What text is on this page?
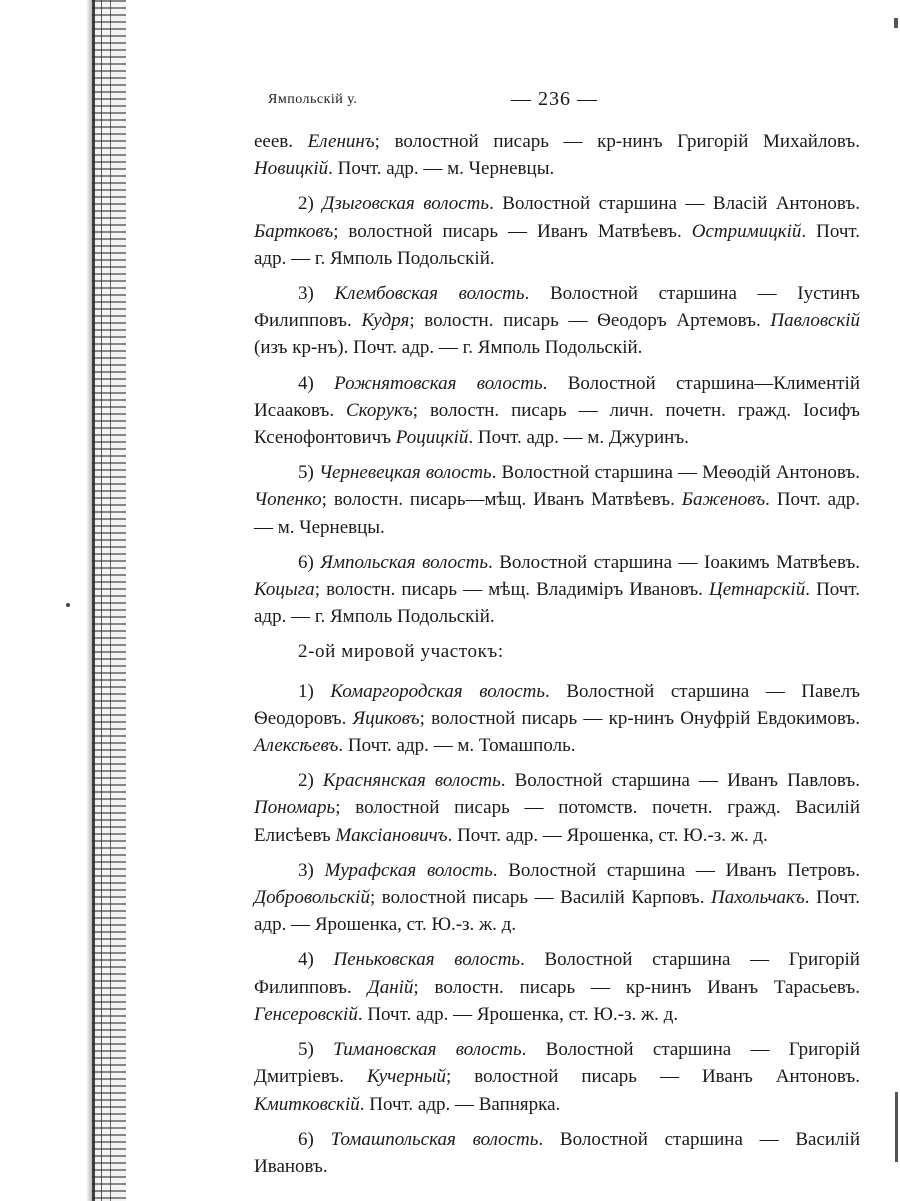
Ямпольскій у.	— 236 —

еeев. Еленинъ; волостной писарь — кр-нинъ Григорій Михайловъ. Новицкій. Почт. адр. — м. Черневцы.

2) Дзыговская волость. Волостной старшина — Власій Антоновъ. Бартковъ; волостной писарь — Иванъ Матвѣевъ. Остримицкій. Почт. адр. — г. Ямполь Подольскій.

3) Клембовская волость. Волостной старшина — Іустинъ Филипповъ. Кудря; волостн. писарь — Ѳеодоръ Артемовъ. Павловскій (изъ кр-нъ). Почт. адр. — г. Ямполь Подольскій.

4) Рожнятовская волость. Волостной старшина—Климентій Исааковъ. Скорукъ; волостн. писарь — личн. почетн. гражд. Іосифъ Ксенофонтовичъ Роцицкій. Почт. адр. — м. Джуринъ.

5) Черневецкая волость. Волостной старшина — Меѳодій Антоновъ. Чопенко; волостн. писарь—мѣщ. Иванъ Матвѣевъ. Баженовъ. Почт. адр. — м. Черневцы.

6) Ямпольская волость. Волостной старшина — Іоакимъ Матвѣевъ. Коцыга; волостн. писарь — мѣщ. Владиміръ Ивановъ. Цетнарскій. Почт. адр. — г. Ямполь Подольскій.

2-ой мировой участокъ:

1) Комаргородская волость. Волостной старшина — Павелъ Ѳеодоровъ. Яциковъ; волостной писарь — кр-нинъ Онуфрій Евдокимовъ. Алексѣевъ. Почт. адр. — м. Томашполь.

2) Краснянская волость. Волостной старшина — Иванъ Павловъ. Пономарь; волостной писарь — потомств. почетн. гражд. Василій Елисѣевъ Максіановичъ. Почт. адр. — Ярошенка, ст. Ю.-з. ж. д.

3) Мурафская волость. Волостной старшина — Иванъ Петровъ. Добровольскій; волостной писарь — Василій Карповъ. Пахольчакъ. Почт. адр. — Ярошенка, ст. Ю.-з. ж. д.

4) Пеньковская волость. Волостной старшина — Григорій Филипповъ. Даній; волостн. писарь — кр-нинъ Иванъ Тарасьевъ. Генсеровскій. Почт. адр. — Ярошенка, ст. Ю.-з. ж. д.

5) Тимановская волость. Волостной старшина — Григорій Дмитріевъ. Кучерный; волостной писарь — Иванъ Антоновъ. Кмитковскій. Почт. адр. — Вапнярка.

6) Томашпольская волость. Волостной старшина — Василій Ивановъ.
